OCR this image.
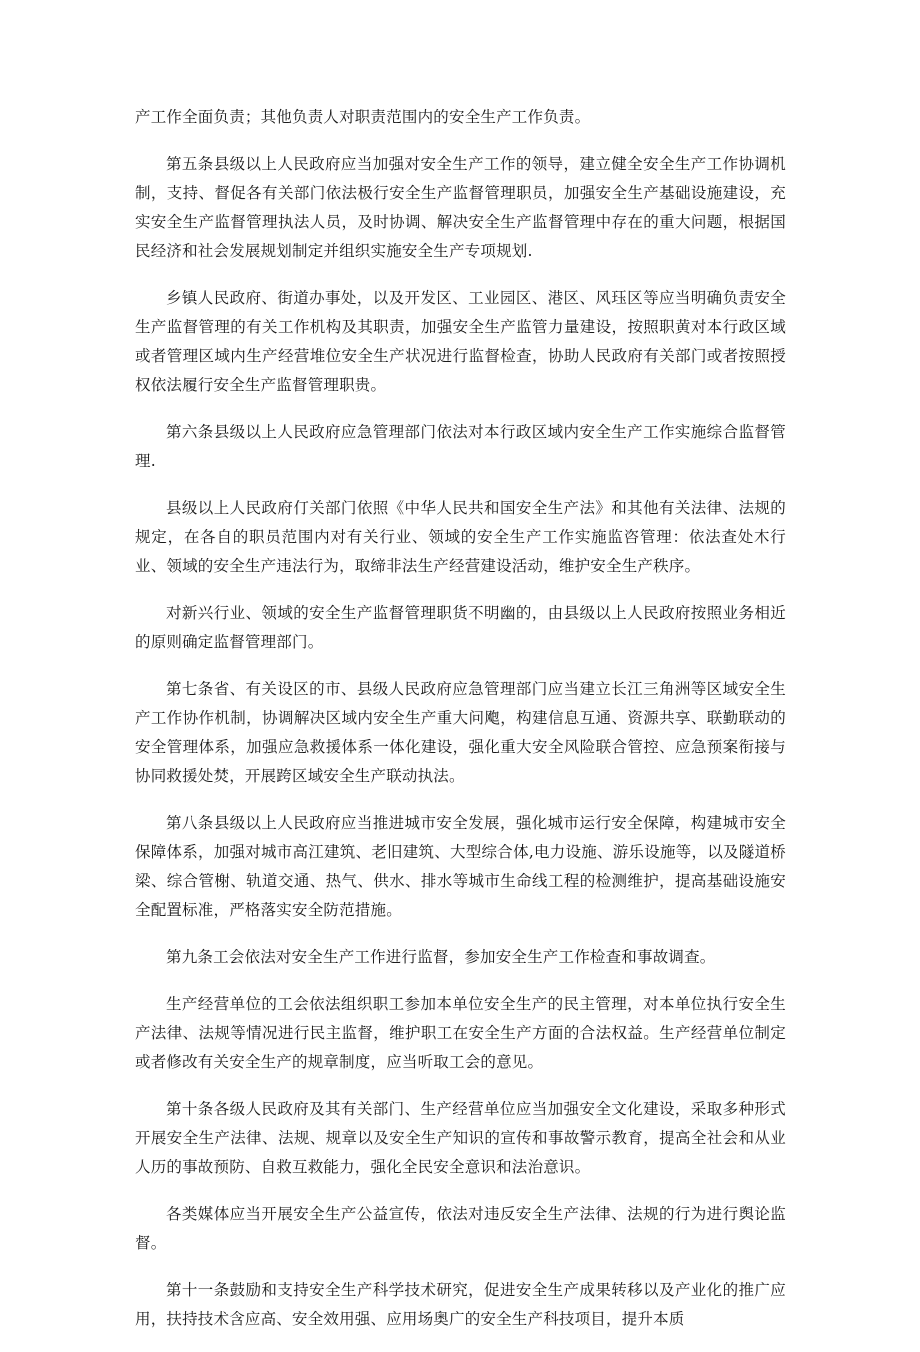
产工作全面负责；其他负责人对职责范围内的安全生产工作负责。

第五条县级以上人民政府应当加强对安全生产工作的领导，建立健全安全生产工作协调机制，支持、督促各有关部门依法极行安全生产监督管理职员，加强安全生产基础设施建设，充实安全生产监督管理执法人员，及时协调、解决安全生产监督管理中存在的重大问题，根据国民经济和社会发展规划制定并组织实施安全生产专项规划.

乡镇人民政府、街道办事处，以及开发区、工业园区、港区、风珏区等应当明确负责安全生产监督管理的有关工作机构及其职责，加强安全生产监管力量建设，按照职黄对本行政区域或者管理区域内生产经营堆位安全生产状况进行监督检查，协助人民政府有关部门或者按照授权依法履行安全生产监督管理职贵。

第六条县级以上人民政府应急管理部门依法对本行政区域内安全生产工作实施综合监督管理.

县级以上人民政府仃关部门依照《中华人民共和国安全生产法》和其他有关法律、法规的规定，在各自的职员范围内对有关行业、领域的安全生产工作实施监咨管理：依法查处木行业、领域的安全生产违法行为，取缔非法生产经营建设活动，维护安全生产秩序。

对新兴行业、领域的安全生产监督管理职货不明幽的，由县级以上人民政府按照业务相近的原则确定监督管理部门。

第七条省、有关设区的市、县级人民政府应急管理部门应当建立长江三角洲等区域安全生产工作协作机制，协调解决区域内安全生产重大问飑，构建信息互通、资源共享、联勤联动的安全管理体系，加强应急救援体系一体化建设，强化重大安全风险联合管控、应急预案衔接与协同救援处焚，开展跨区域安全生产联动执法。

第八条县级以上人民政府应当推进城市安全发展，强化城市运行安全保障，构建城市安全保障体系，加强对城市高江建筑、老旧建筑、大型综合体,电力设施、游乐设施等，以及隧道桥梁、综合管榭、轨道交通、热气、供水、排水等城市生命线工程的检测维护，提高基础设施安全配置标准，严格落实安全防范措施。

第九条工会依法对安全生产工作进行监督，参加安全生产工作检查和事故调查。

生产经营单位的工会依法组织职工参加本单位安全生产的民主管理，对本单位执行安全生产法律、法规等情况进行民主监督，维护职工在安全生产方面的合法权益。生产经营单位制定或者修改有关安全生产的规章制度，应当听取工会的意见。

第十条各级人民政府及其有关部门、生产经营单位应当加强安全文化建设，采取多种形式开展安全生产法律、法规、规章以及安全生产知识的宣传和事故警示教育，提高全社会和从业人历的事故预防、自救互救能力，强化全民安全意识和法治意识。

各类媒体应当开展安全生产公益宣传，依法对违反安全生产法律、法规的行为进行舆论监督。

第十一条鼓励和支持安全生产科学技术研究，促进安全生产成果转移以及产业化的推广应用，扶持技术含应高、安全效用强、应用场奥广的安全生产科技项目，提升本质
